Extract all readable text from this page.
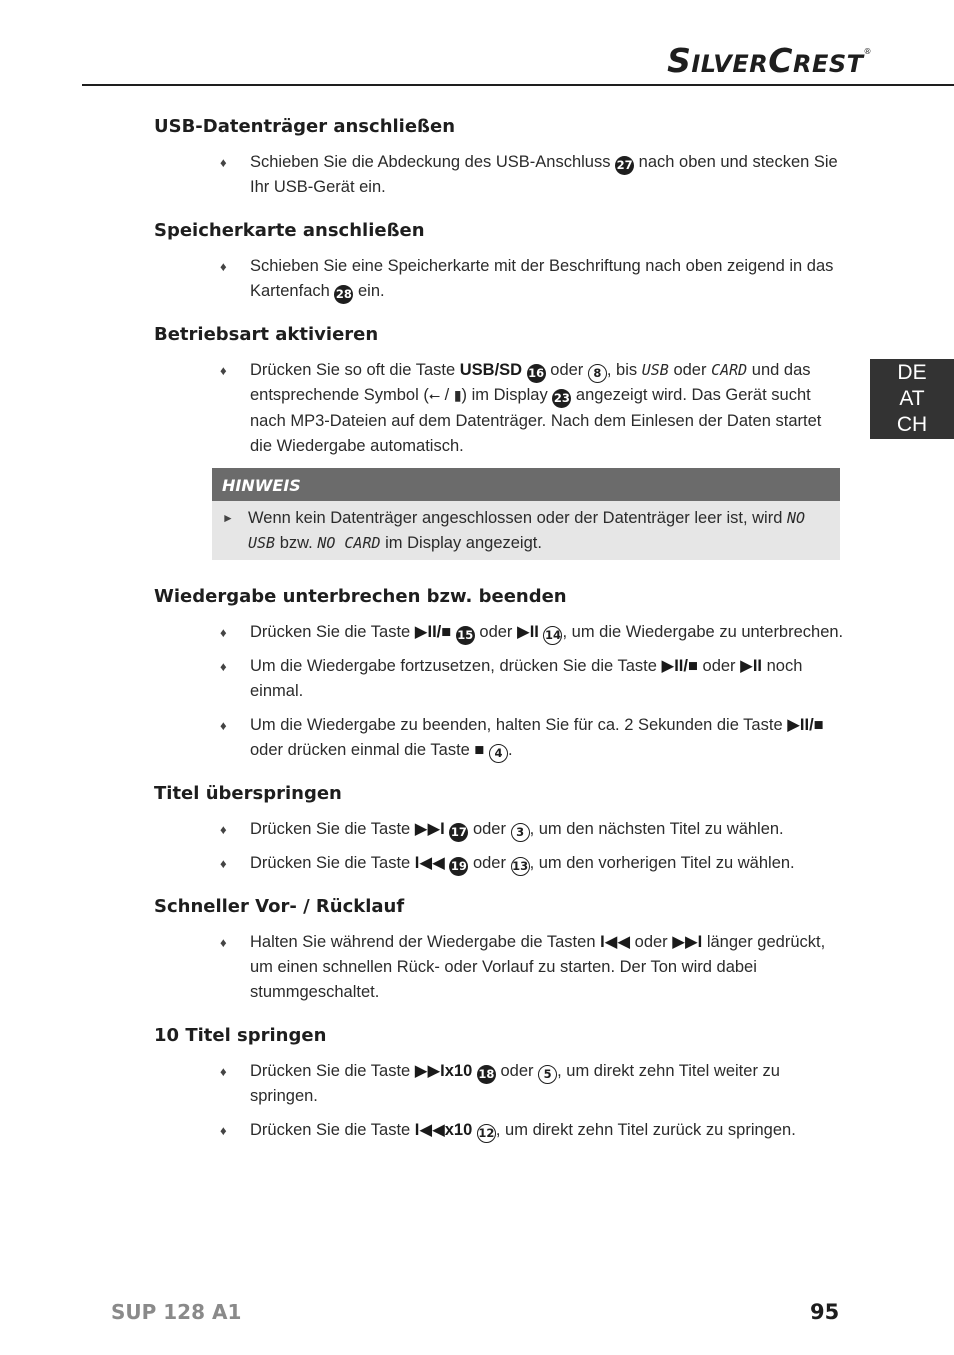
SILVERCREST®
DE
AT
CH
USB-Datenträger anschließen
♦ Schieben Sie die Abdeckung des USB-Anschluss 27 nach oben und stecken Sie Ihr USB-Gerät ein.
Speicherkarte anschließen
♦ Schieben Sie eine Speicherkarte mit der Beschriftung nach oben zeigend in das Kartenfach 28 ein.
Betriebsart aktivieren
♦ Drücken Sie so oft die Taste USB/SD 16 oder 8 , bis USB oder CARD und das entsprechende Symbol (⭠ / ▮) im Display 23 angezeigt wird. Das Gerät sucht nach MP3-Dateien auf dem Datenträger. Nach dem Einlesen der Daten startet die Wiedergabe automatisch.
HINWEIS
► Wenn kein Datenträger angeschlossen oder der Datenträger leer ist, wird NO USB bzw. NO CARD im Display angezeigt.
Wiedergabe unterbrechen bzw. beenden
♦ Drücken Sie die Taste ▶II/■ 15 oder ▶II 14, um die Wiedergabe zu unterbrechen.
♦ Um die Wiedergabe fortzusetzen, drücken Sie die Taste ▶II/■ oder ▶II noch einmal.
♦ Um die Wiedergabe zu beenden, halten Sie für ca. 2 Sekunden die Taste ▶II/■ oder drücken einmal die Taste ■ 4 .
Titel überspringen
♦ Drücken Sie die Taste ▶▶I 17 oder 3 , um den nächsten Titel zu wählen.
♦ Drücken Sie die Taste I◀◀ 19 oder 13, um den vorherigen Titel zu wählen.
Schneller Vor- / Rücklauf
♦ Halten Sie während der Wiedergabe die Tasten I◀◀ oder ▶▶I länger gedrückt, um einen schnellen Rück- oder Vorlauf zu starten. Der Ton wird dabei stummgeschaltet.
10 Titel springen
♦ Drücken Sie die Taste ▶▶Ix10 18 oder 5 , um direkt zehn Titel weiter zu springen.
♦ Drücken Sie die Taste I◀◀x10 12, um direkt zehn Titel zurück zu springen.
SUP 128 A1	95
